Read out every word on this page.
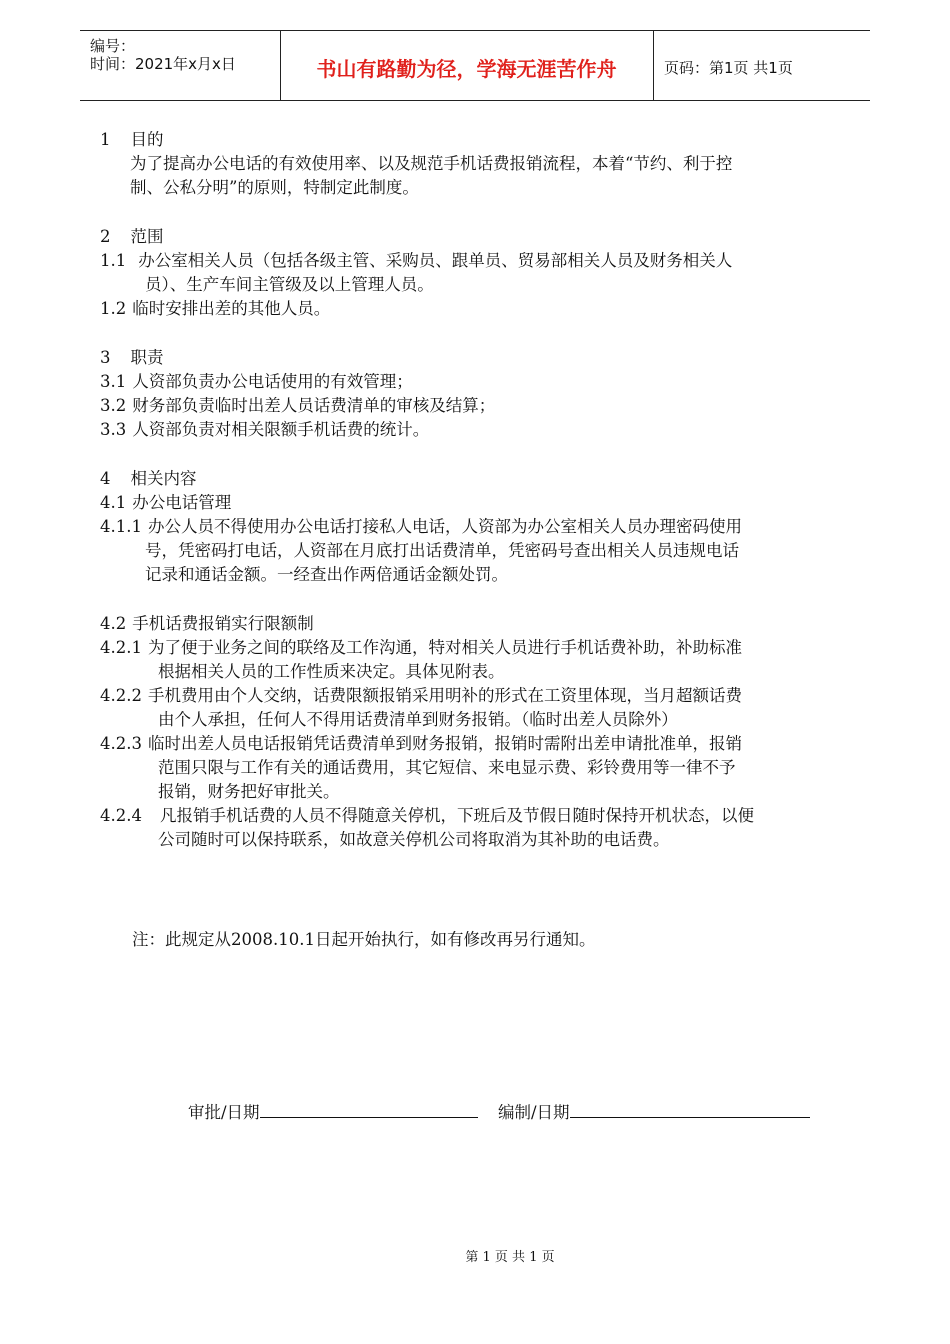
编号：
时间：2021年x月x日	书山有路勤为径，学海无涯苦作舟	页码：第1页 共1页
1 目的
为了提高办公电话的有效使用率、以及规范手机话费报销流程，本着“节约、利于控
制、公私分明”的原则，特制定此制度。
2 范围
1.1 办公室相关人员（包括各级主管、采购员、跟单员、贸易部相关人员及财务相关人
员）、生产车间主管级及以上管理人员。
1.2 临时安排出差的其他人员。
3 职责
3.1 人资部负责办公电话使用的有效管理；
3.2 财务部负责临时出差人员话费清单的审核及结算；
3.3 人资部负责对相关限额手机话费的统计。
4 相关内容
4.1 办公电话管理
4.1.1 办公人员不得使用办公电话打接私人电话，人资部为办公室相关人员办理密码使用
号，凭密码打电话，人资部在月底打出话费清单，凭密码号查出相关人员违规电话
记录和通话金额。一经查出作两倍通话金额处罚。
4.2 手机话费报销实行限额制
4.2.1 为了便于业务之间的联络及工作沟通，特对相关人员进行手机话费补助，补助标准
根据相关人员的工作性质来决定。具体见附表。
4.2.2 手机费用由个人交纳，话费限额报销采用明补的形式在工资里体现，当月超额话费
由个人承担，任何人不得用话费清单到财务报销。（临时出差人员除外）
4.2.3 临时出差人员电话报销凭话费清单到财务报销，报销时需附出差申请批准单，报销
范围只限与工作有关的通话费用，其它短信、来电显示费、彩铃费用等一律不予
报销，财务把好审批关。
4.2.4 凡报销手机话费的人员不得随意关停机，下班后及节假日随时保持开机状态，以便
公司随时可以保持联系，如故意关停机公司将取消为其补助的电话费。
注：此规定从2008.10.1日起开始执行，如有修改再另行通知。
审批/日期	编制/日期
第 1 页 共 1 页
